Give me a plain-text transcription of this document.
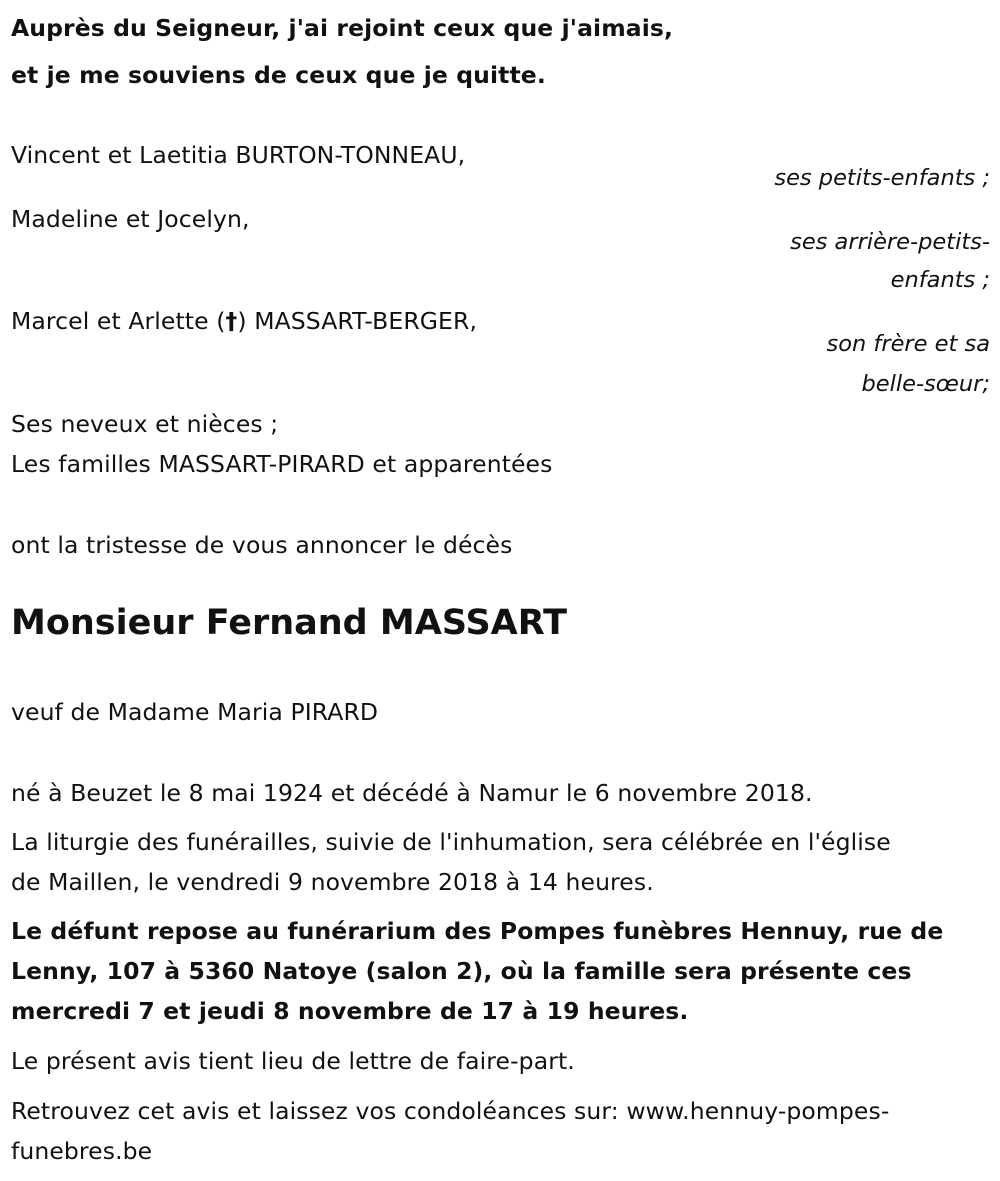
Auprès du Seigneur, j'ai rejoint ceux que j'aimais,
et je me souviens de ceux que je quitte.
Vincent et Laetitia BURTON-TONNEAU,
ses petits-enfants ;
Madeline et Jocelyn,
ses arrière-petits-
enfants ;
Marcel et Arlette (†) MASSART-BERGER,
son frère et sa
belle-sœur;
Ses neveux et nièces ;
Les familles MASSART-PIRARD et apparentées
ont la tristesse de vous annoncer le décès
Monsieur Fernand MASSART
veuf de Madame Maria PIRARD
né à Beuzet le 8 mai 1924 et décédé à Namur le 6 novembre 2018.
La liturgie des funérailles, suivie de l'inhumation, sera célébrée en l'église
de Maillen, le vendredi 9 novembre 2018 à 14 heures.
Le défunt repose au funérarium des Pompes funèbres Hennuy, rue de
Lenny, 107 à 5360 Natoye (salon 2), où la famille sera présente ces
mercredi 7 et jeudi 8 novembre de 17 à 19 heures.
Le présent avis tient lieu de lettre de faire-part.
Retrouvez cet avis et laissez vos condoléances sur: www.hennuy-pompes-
funebres.be
